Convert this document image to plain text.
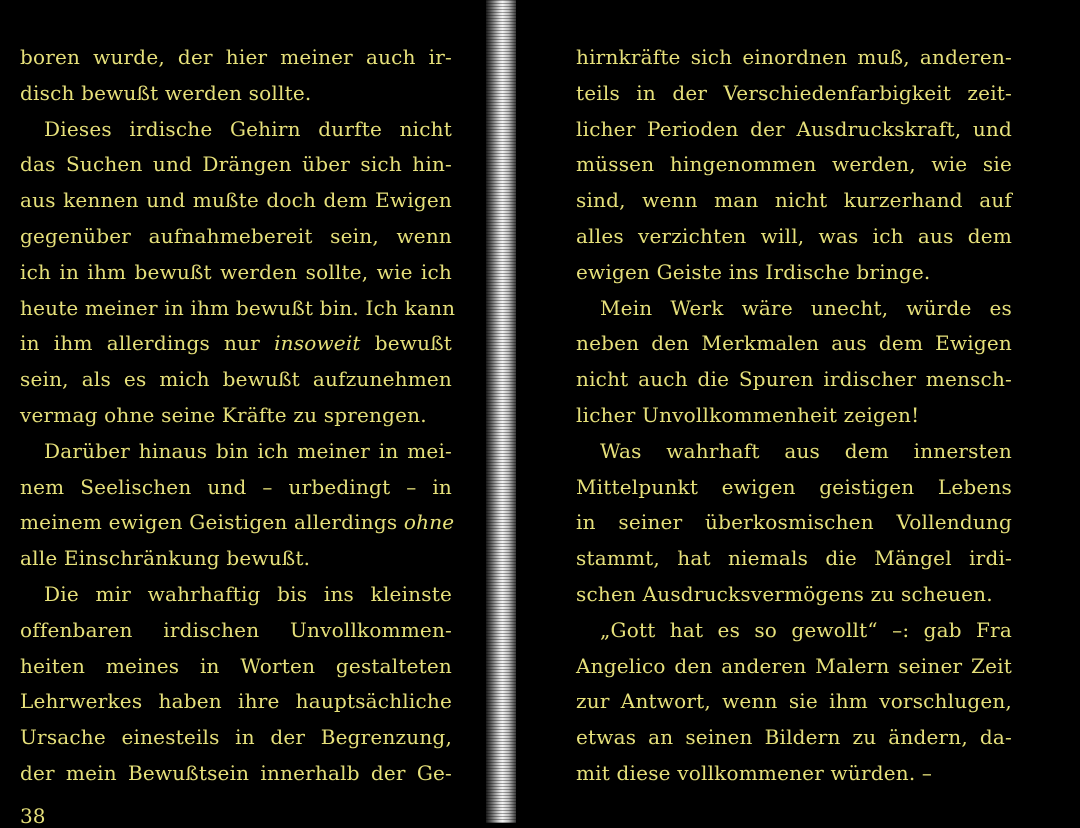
boren wurde, der hier meiner auch ir-
disch bewußt werden sollte.
Dieses irdische Gehirn durfte nicht
das Suchen und Drängen über sich hin-
aus kennen und mußte doch dem Ewigen
gegenüber aufnahmebereit sein, wenn
ich in ihm bewußt werden sollte, wie ich
heute meiner in ihm bewußt bin. Ich kann
in ihm allerdings nur insoweit bewußt
sein, als es mich bewußt aufzunehmen
vermag ohne seine Kräfte zu sprengen.
Darüber hinaus bin ich meiner in mei-
nem Seelischen und – urbedingt – in
meinem ewigen Geistigen allerdings ohne
alle Einschränkung bewußt.
Die mir wahrhaftig bis ins kleinste
offenbaren irdischen Unvollkommen-
heiten meines in Worten gestalteten
Lehrwerkes haben ihre hauptsächliche
Ursache einesteils in der Begrenzung,
der mein Bewußtsein innerhalb der Ge-
hirnkräfte sich einordnen muß, anderen-
teils in der Verschiedenfarbigkeit zeit-
licher Perioden der Ausdruckskraft, und
müssen hingenommen werden, wie sie
sind, wenn man nicht kurzerhand auf
alles verzichten will, was ich aus dem
ewigen Geiste ins Irdische bringe.
Mein Werk wäre unecht, würde es
neben den Merkmalen aus dem Ewigen
nicht auch die Spuren irdischer mensch-
licher Unvollkommenheit zeigen!
Was wahrhaft aus dem innersten
Mittelpunkt ewigen geistigen Lebens
in seiner überkosmischen Vollendung
stammt, hat niemals die Mängel irdi-
schen Ausdrucksvermögens zu scheuen.
„Gott hat es so gewollt“ –: gab Fra
Angelico den anderen Malern seiner Zeit
zur Antwort, wenn sie ihm vorschlugen,
etwas an seinen Bildern zu ändern, da-
mit diese vollkommener würden. –
38
